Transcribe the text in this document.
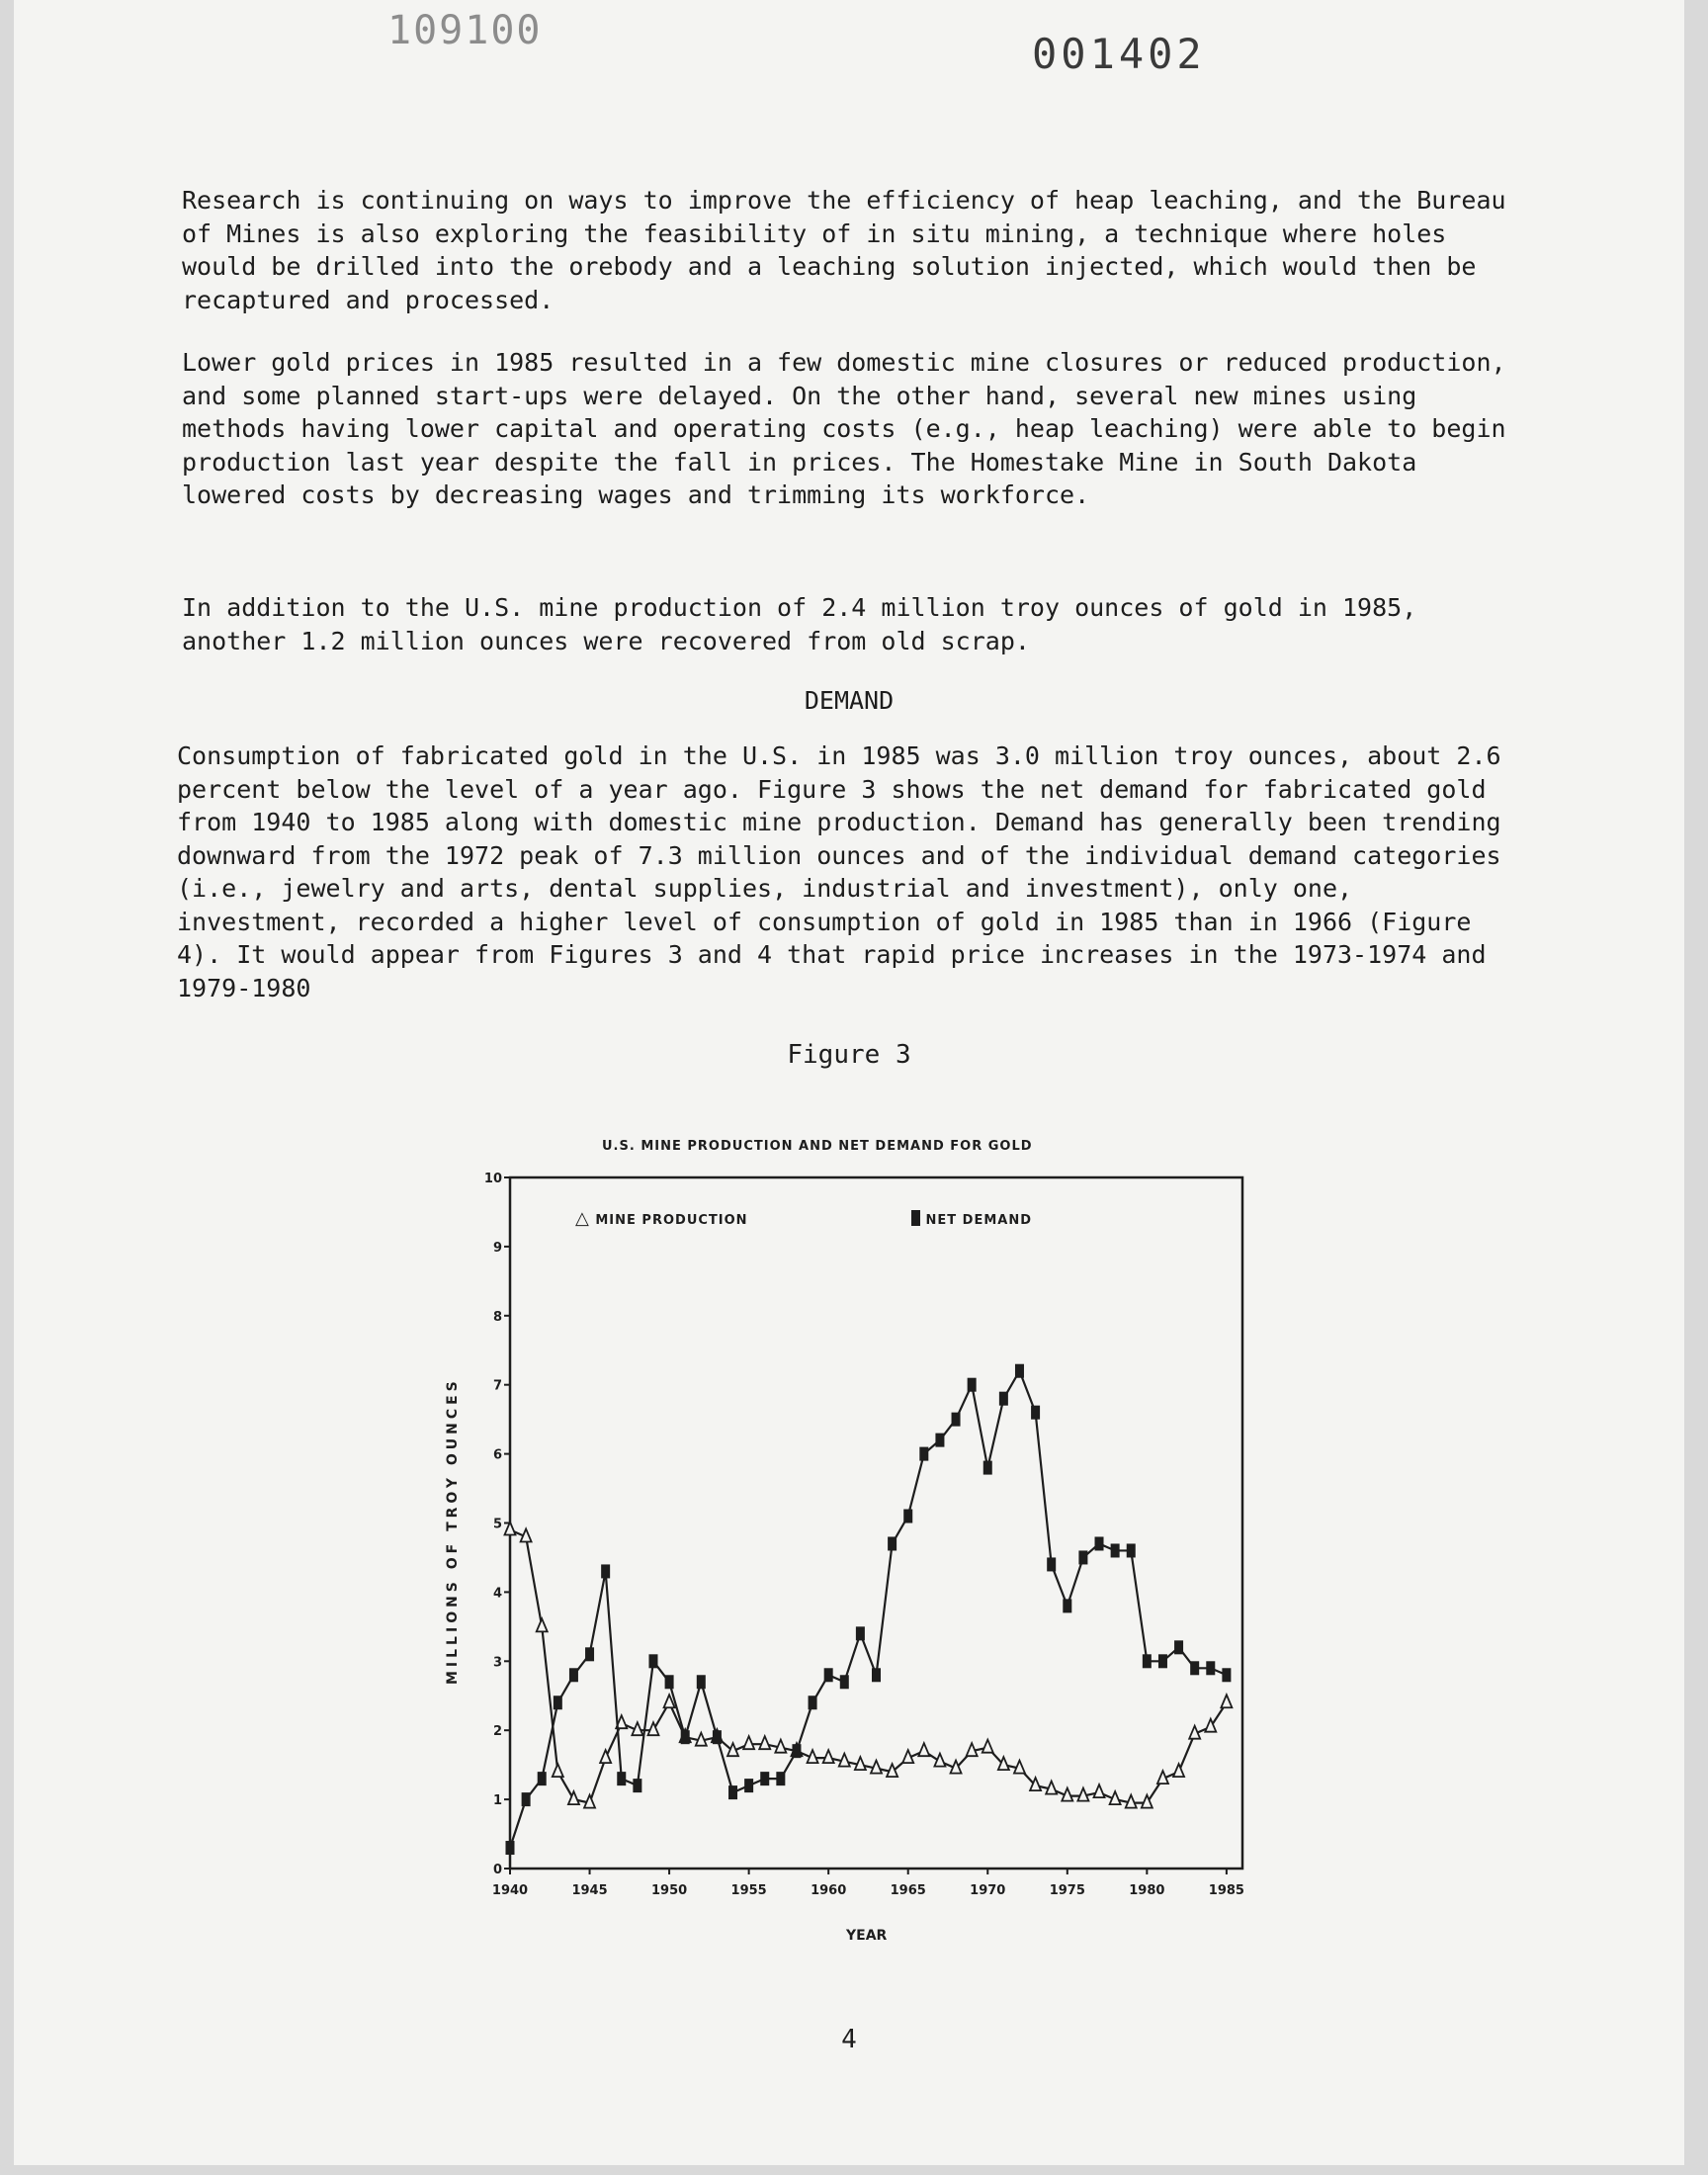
109100	001402

Research is continuing on ways to improve the efficiency of heap leaching, and the Bureau of Mines is also exploring the feasibility of in situ mining, a technique where holes would be drilled into the orebody and a leaching solution injected, which would then be recaptured and processed.

Lower gold prices in 1985 resulted in a few domestic mine closures or reduced production, and some planned start-ups were delayed. On the other hand, several new mines using methods having lower capital and operating costs (e.g., heap leaching) were able to begin production last year despite the fall in prices. The Homestake Mine in South Dakota lowered costs by decreasing wages and trimming its workforce.

In addition to the U.S. mine production of 2.4 million troy ounces of gold in 1985, another 1.2 million ounces were recovered from old scrap.

DEMAND

Consumption of fabricated gold in the U.S. in 1985 was 3.0 million troy ounces, about 2.6 percent below the level of a year ago. Figure 3 shows the net demand for fabricated gold from 1940 to 1985 along with domestic mine production. Demand has generally been trending downward from the 1972 peak of 7.3 million ounces and of the individual demand categories (i.e., jewelry and arts, dental supplies, industrial and investment), only one, investment, recorded a higher level of consumption of gold in 1985 than in 1966 (Figure 4). It would appear from Figures 3 and 4 that rapid price increases in the 1973-1974 and 1979-1980

Figure 3

U.S. MINE PRODUCTION AND NET DEMAND FOR GOLD
0
1
2
3
4
5
6
7
8
9
10
1940	1945	1950	1955	1960	1965	1970	1975	1980	1985
△ MINE PRODUCTION	NET DEMAND
MILLIONS OF TROY OUNCES
YEAR
4
